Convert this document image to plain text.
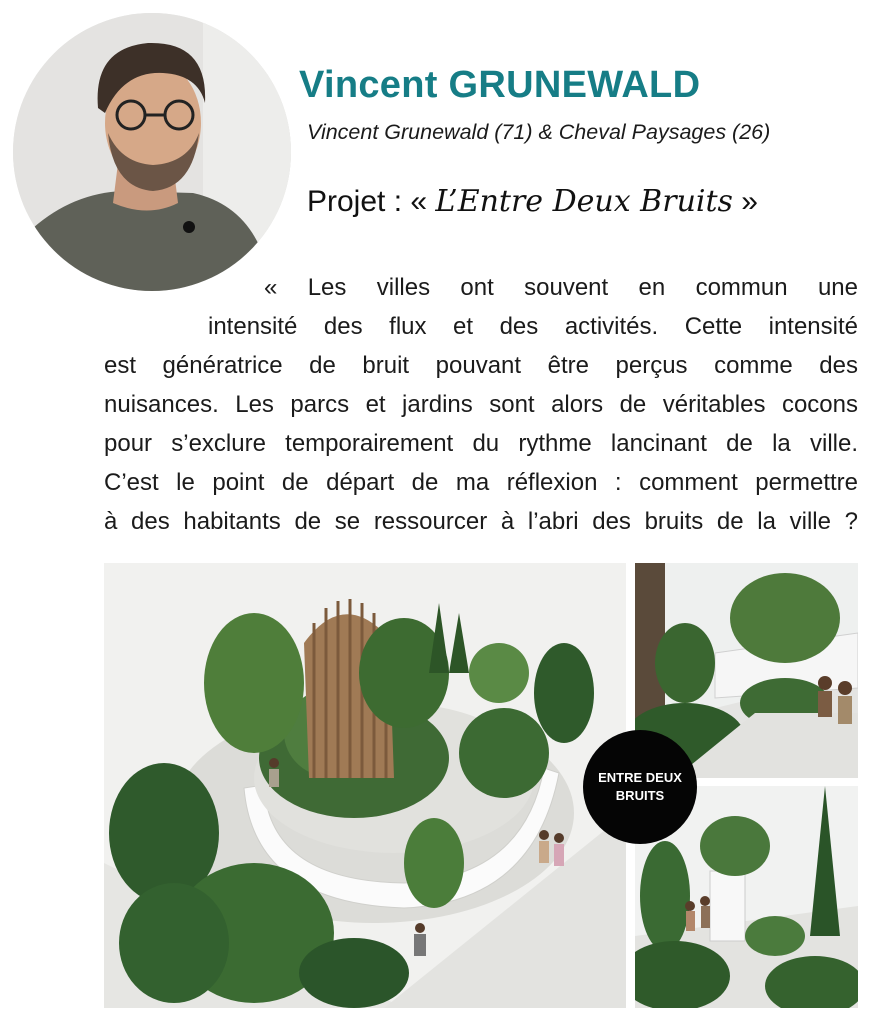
Vincent GRUNEWALD
Vincent Grunewald (71) & Cheval Paysages (26)
Projet : « L’Entre Deux Bruits »

« Les villes ont souvent en commun une
intensité des flux et des activités. Cette intensité
est génératrice de bruit pouvant être perçus comme des
nuisances. Les parcs et jardins sont alors de véritables cocons
pour s’exclure temporairement du rythme lancinant de la ville.
C’est le point de départ de ma réflexion : comment permettre
à des habitants de se ressourcer à l’abri des bruits de la ville ?

ENTRE DEUX
BRUITS
